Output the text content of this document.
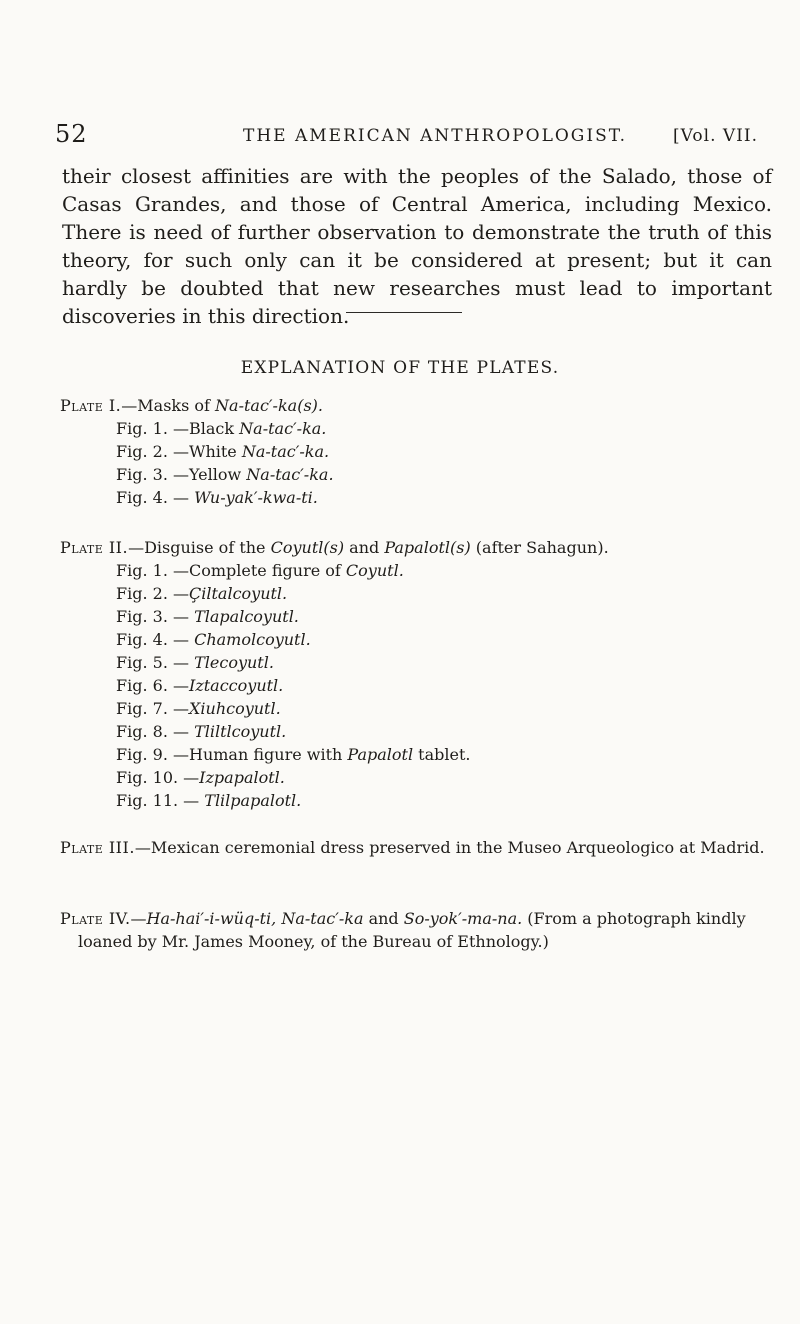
52	THE AMERICAN ANTHROPOLOGIST.	[Vol. VII.

their closest affinities are with the peoples of the Salado, those of Casas Grandes, and those of Central America, including Mexico. There is need of further observation to demonstrate the truth of this theory, for such only can it be considered at present; but it can hardly be doubted that new researches must lead to important discoveries in this direction.

EXPLANATION OF THE PLATES.

Plate I.—Masks of Na-tac′-ka(s).

Fig. 1. —Black Na-tac′-ka.
Fig. 2. —White Na-tac′-ka.
Fig. 3. —Yellow Na-tac′-ka.
Fig. 4. — Wu-yak′-kwa-ti.

Plate II.—Disguise of the Coyutl(s) and Papalotl(s) (after Sahagun).

Fig. 1. —Complete figure of Coyutl.
Fig. 2. —Çiltalcoyutl.
Fig. 3. — Tlapalcoyutl.
Fig. 4. — Chamolcoyutl.
Fig. 5. — Tlecoyutl.
Fig. 6. —Iztaccoyutl.
Fig. 7. —Xiuhcoyutl.
Fig. 8. — Tliltlcoyutl.
Fig. 9. —Human figure with Papalotl tablet.
Fig. 10. —Izpapalotl.
Fig. 11. — Tlilpapalotl.

Plate III.—Mexican ceremonial dress preserved in the Museo Arqueologico at Madrid.

Plate IV.—Ha-hai′-i-wüq-ti, Na-tac′-ka and So-yok′-ma-na. (From a photograph kindly loaned by Mr. James Mooney, of the Bureau of Ethnology.)
